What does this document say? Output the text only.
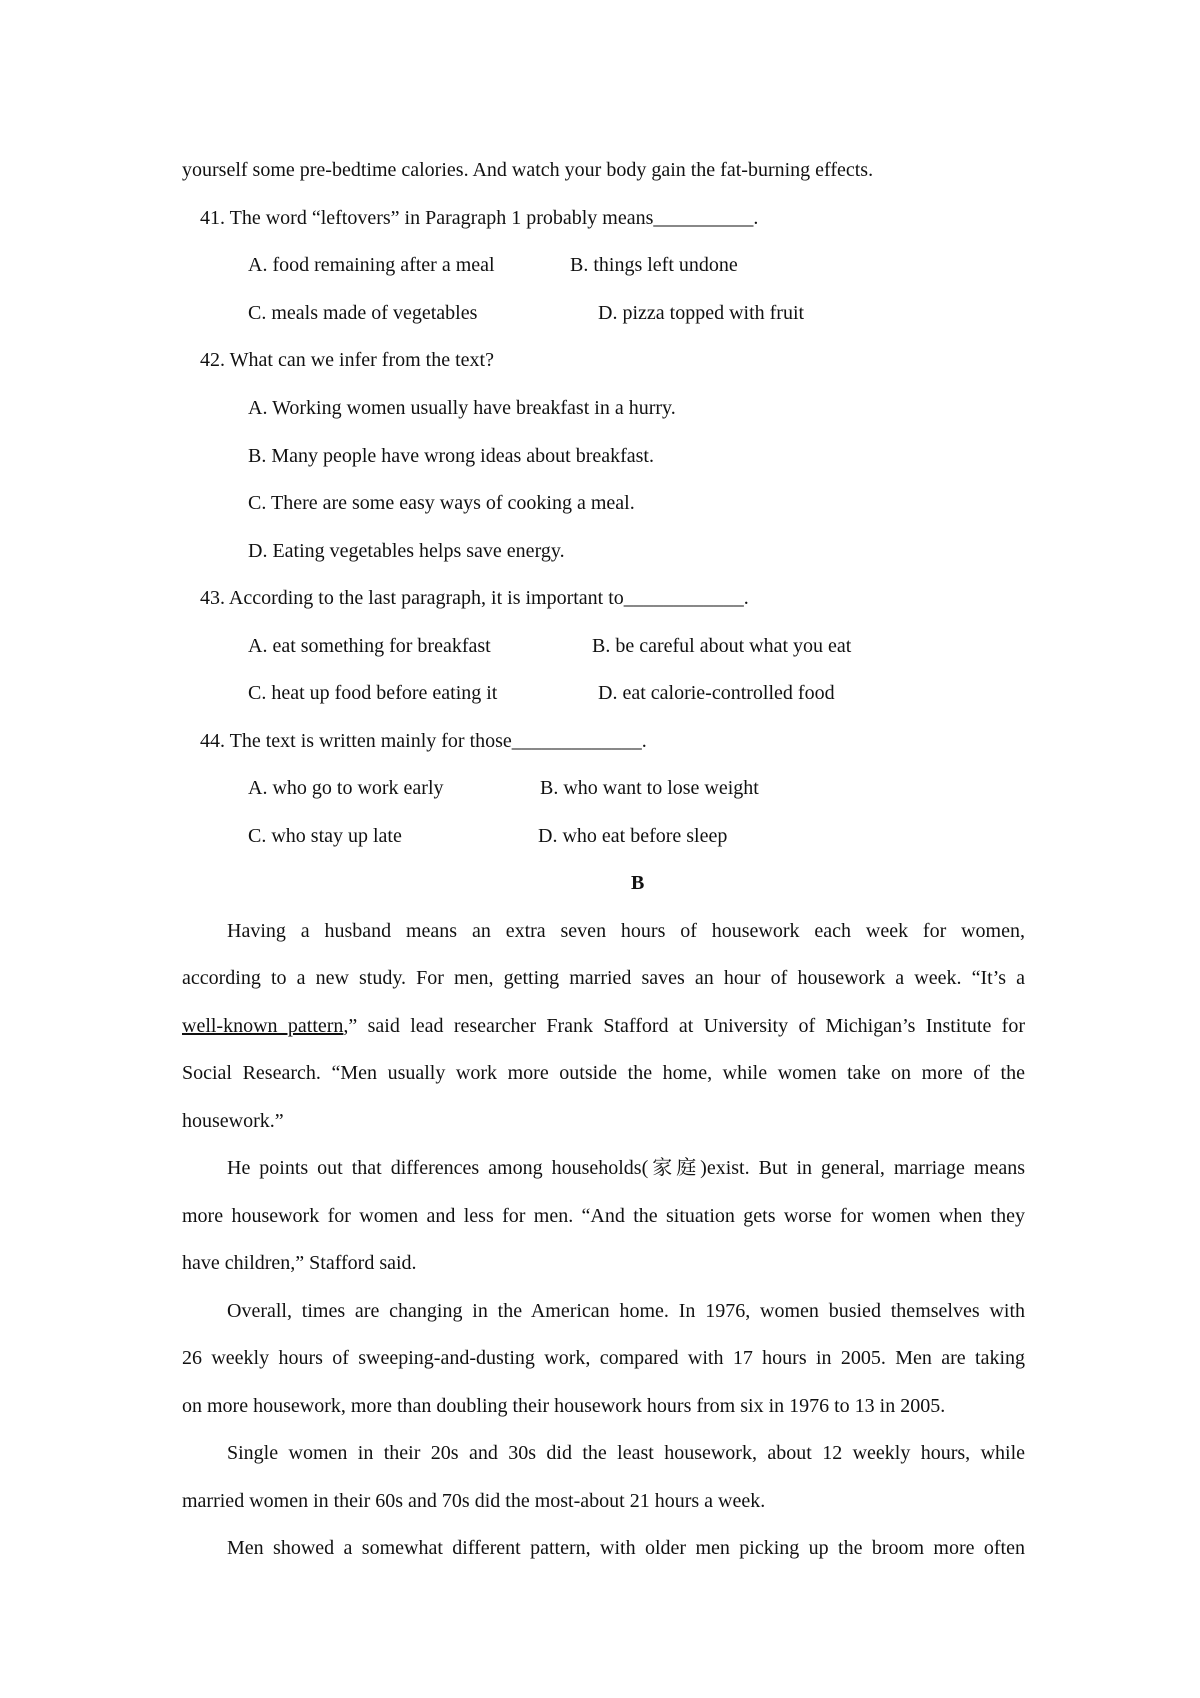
yourself some pre-bedtime calories. And watch your body gain the fat-burning effects.
41. The word “leftovers” in Paragraph 1 probably means__________.
A. food remaining after a meal	B. things left undone
C. meals made of vegetables	D. pizza topped with fruit
42. What can we infer from the text?
A. Working women usually have breakfast in a hurry.
B. Many people have wrong ideas about breakfast.
C. There are some easy ways of cooking a meal.
D. Eating vegetables helps save energy.
43. According to the last paragraph, it is important to____________.
A. eat something for breakfast	B. be careful about what you eat
C. heat up food before eating it	D. eat calorie-controlled food
44. The text is written mainly for those_____________.
A. who go to work early	B. who want to lose weight
C. who stay up late	D. who eat before sleep
B
Having a husband means an extra seven hours of housework each week for women,
according to a new study. For men, getting married saves an hour of housework a week. “It’s a
well-known pattern,” said lead researcher Frank Stafford at University of Michigan’s Institute for
Social Research. “Men usually work more outside the home, while women take on more of the
housework.”
He points out that differences among households(家庭)exist. But in general, marriage means
more housework for women and less for men. “And the situation gets worse for women when they
have children,” Stafford said.
Overall, times are changing in the American home. In 1976, women busied themselves with
26 weekly hours of sweeping-and-dusting work, compared with 17 hours in 2005. Men are taking
on more housework, more than doubling their housework hours from six in 1976 to 13 in 2005.
Single women in their 20s and 30s did the least housework, about 12 weekly hours, while
married women in their 60s and 70s did the most-about 21 hours a week.
Men showed a somewhat different pattern, with older men picking up the broom more often
